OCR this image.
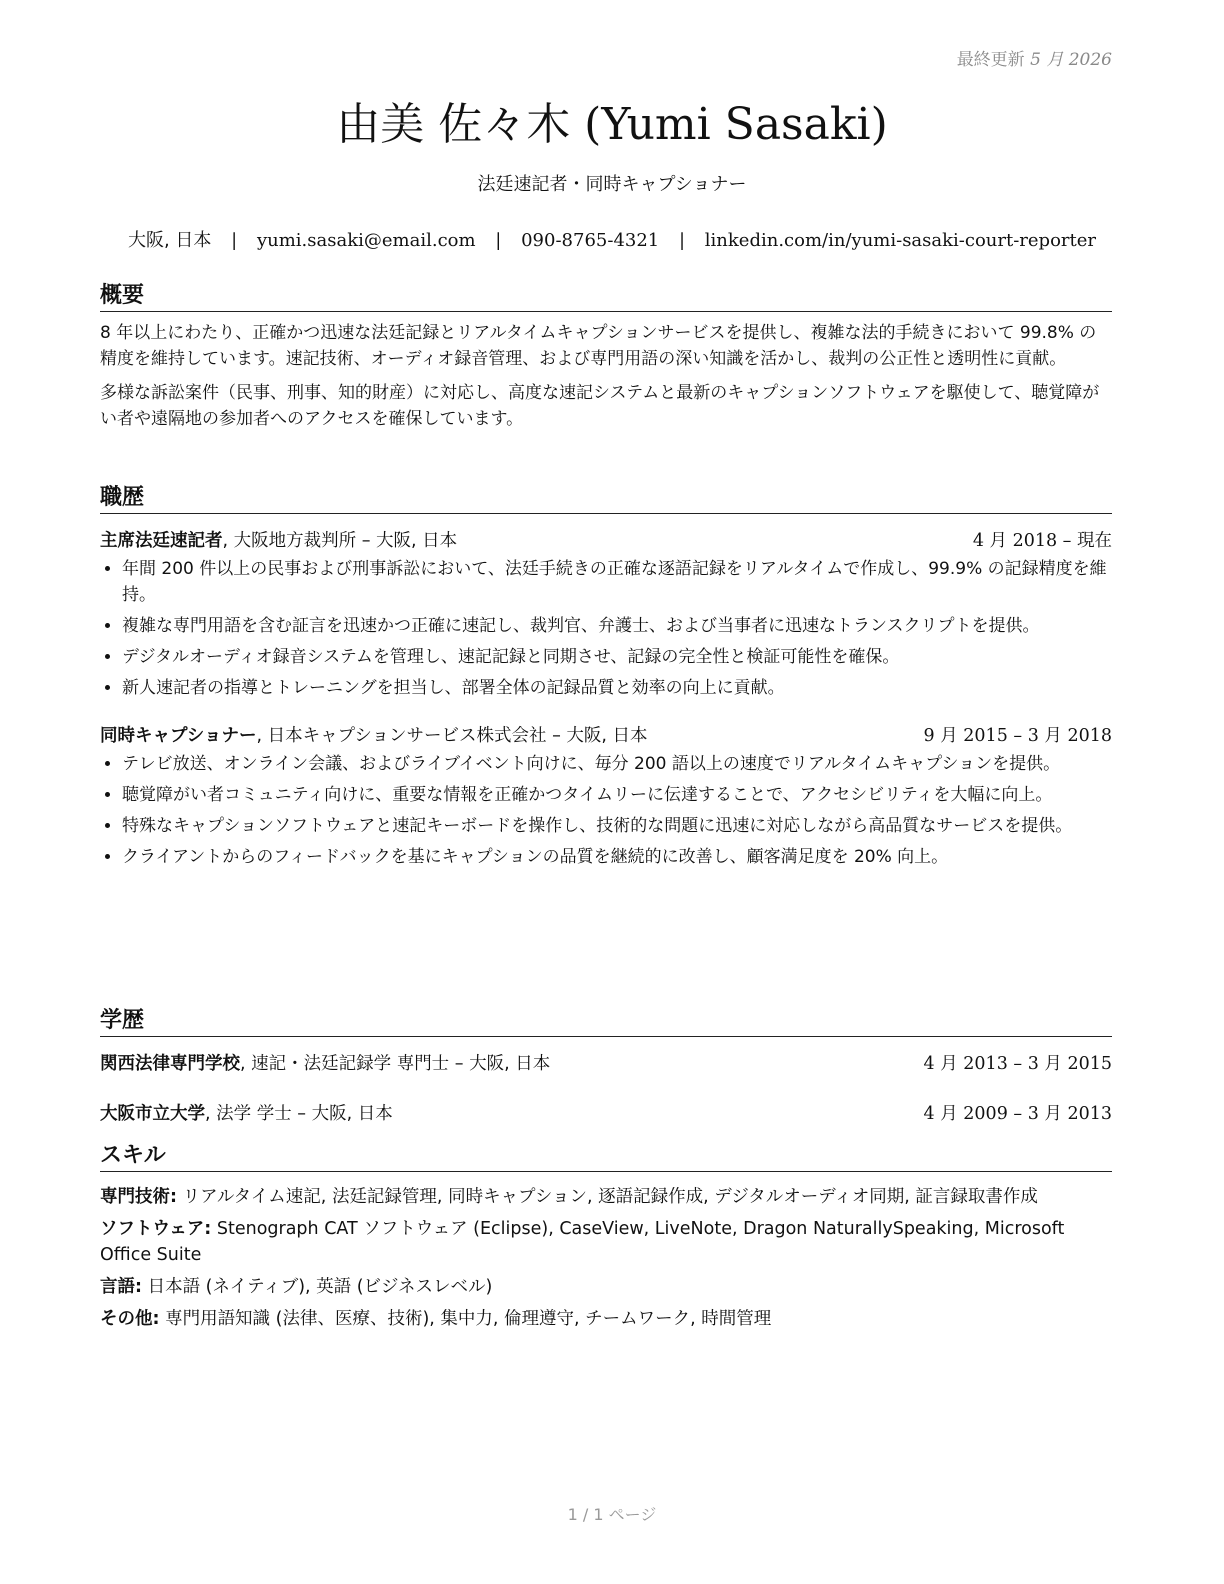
最終更新 5 月 2026
由美 佐々木 (Yumi Sasaki)
法廷速記者・同時キャプショナー
大阪, 日本 | yumi.sasaki@email.com | 090-8765-4321 | linkedin.com/in/yumi-sasaki-court-reporter
概要

8 年以上にわたり、正確かつ迅速な法廷記録とリアルタイムキャプションサービスを提供し、複雑な法的手続きにおいて 99.8% の精度を維持しています。速記技術、オーディオ録音管理、および専門用語の深い知識を活かし、裁判の公正性と透明性に貢献。

多様な訴訟案件（民事、刑事、知的財産）に対応し、高度な速記システムと最新のキャプションソフトウェアを駆使して、聴覚障がい者や遠隔地の参加者へのアクセスを確保しています。

職歴
主席法廷速記者, 大阪地方裁判所 – 大阪, 日本	4 月 2018 – 現在
• 年間 200 件以上の民事および刑事訴訟において、法廷手続きの正確な逐語記録をリアルタイムで作成し、99.9% の記録精度を維持。
• 複雑な専門用語を含む証言を迅速かつ正確に速記し、裁判官、弁護士、および当事者に迅速なトランスクリプトを提供。
• デジタルオーディオ録音システムを管理し、速記記録と同期させ、記録の完全性と検証可能性を確保。
• 新人速記者の指導とトレーニングを担当し、部署全体の記録品質と効率の向上に貢献。
同時キャプショナー, 日本キャプションサービス株式会社 – 大阪, 日本	9 月 2015 – 3 月 2018
• テレビ放送、オンライン会議、およびライブイベント向けに、毎分 200 語以上の速度でリアルタイムキャプションを提供。
• 聴覚障がい者コミュニティ向けに、重要な情報を正確かつタイムリーに伝達することで、アクセシビリティを大幅に向上。
• 特殊なキャプションソフトウェアと速記キーボードを操作し、技術的な問題に迅速に対応しながら高品質なサービスを提供。
• クライアントからのフィードバックを基にキャプションの品質を継続的に改善し、顧客満足度を 20% 向上。
学歴
関西法律専門学校, 速記・法廷記録学 専門士 – 大阪, 日本	4 月 2013 – 3 月 2015
大阪市立大学, 法学 学士 – 大阪, 日本	4 月 2009 – 3 月 2013
スキル

専門技術: リアルタイム速記, 法廷記録管理, 同時キャプション, 逐語記録作成, デジタルオーディオ同期, 証言録取書作成

ソフトウェア: Stenograph CAT ソフトウェア (Eclipse), CaseView, LiveNote, Dragon NaturallySpeaking, Microsoft Office Suite

言語: 日本語 (ネイティブ), 英語 (ビジネスレベル)

その他: 専門用語知識 (法律、医療、技術), 集中力, 倫理遵守, チームワーク, 時間管理

1 / 1 ページ
